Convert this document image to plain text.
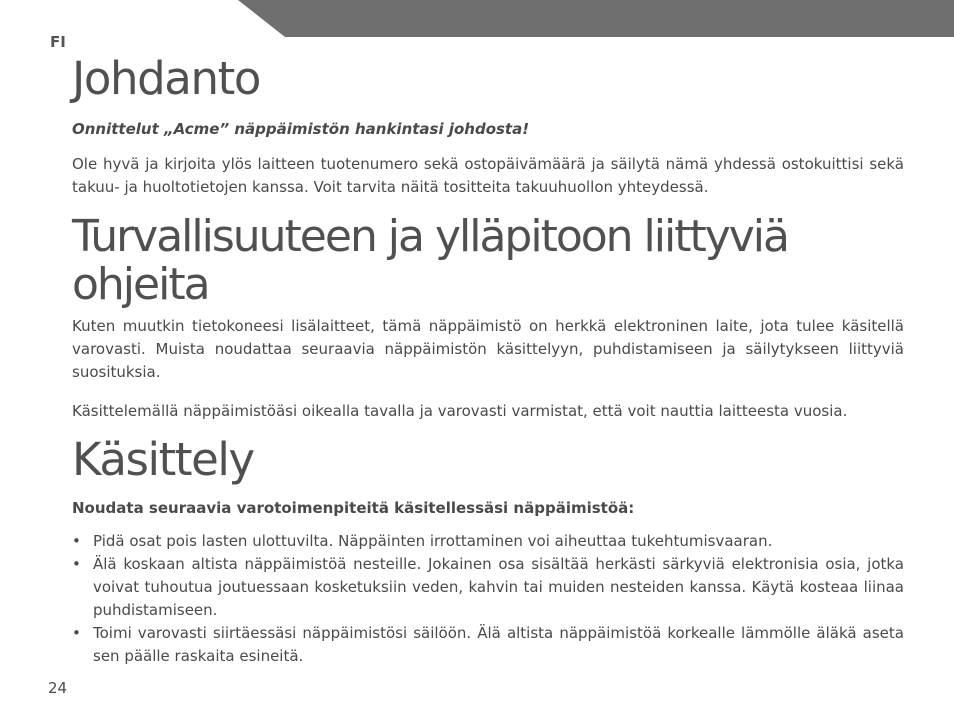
FI
Johdanto

Onnittelut „Acme” näppäimistön hankintasi johdosta!

Ole hyvä ja kirjoita ylös laitteen tuotenumero sekä ostopäivämäärä ja säilytä nämä yhdessä ostokuittisi sekä takuu- ja huoltotietojen kanssa. Voit tarvita näitä tositteita takuuhuollon yhteydessä.

Turvallisuuteen ja ylläpitoon liittyviä ohjeita

Kuten muutkin tietokoneesi lisälaitteet, tämä näppäimistö on herkkä elektroninen laite, jota tulee käsitellä varovasti. Muista noudattaa seuraavia näppäimistön käsittelyyn, puhdistamiseen ja säilytykseen liittyviä suosituksia.

Käsittelemällä näppäimistöäsi oikealla tavalla ja varovasti varmistat, että voit nauttia laitteesta vuosia.

Käsittely

Noudata seuraavia varotoimenpiteitä käsitellessäsi näppäimistöä:

• Pidä osat pois lasten ulottuvilta. Näppäinten irrottaminen voi aiheuttaa tukehtumisvaaran.
• Älä koskaan altista näppäimistöä nesteille. Jokainen osa sisältää herkästi särkyviä elektronisia osia, jotka voivat tuhoutua joutuessaan kosketuksiin veden, kahvin tai muiden nesteiden kanssa. Käytä kosteaa liinaa puhdistamiseen.
• Toimi varovasti siirtäessäsi näppäimistösi säilöön. Älä altista näppäimistöä korkealle lämmölle äläkä aseta sen päälle raskaita esineitä.
24
